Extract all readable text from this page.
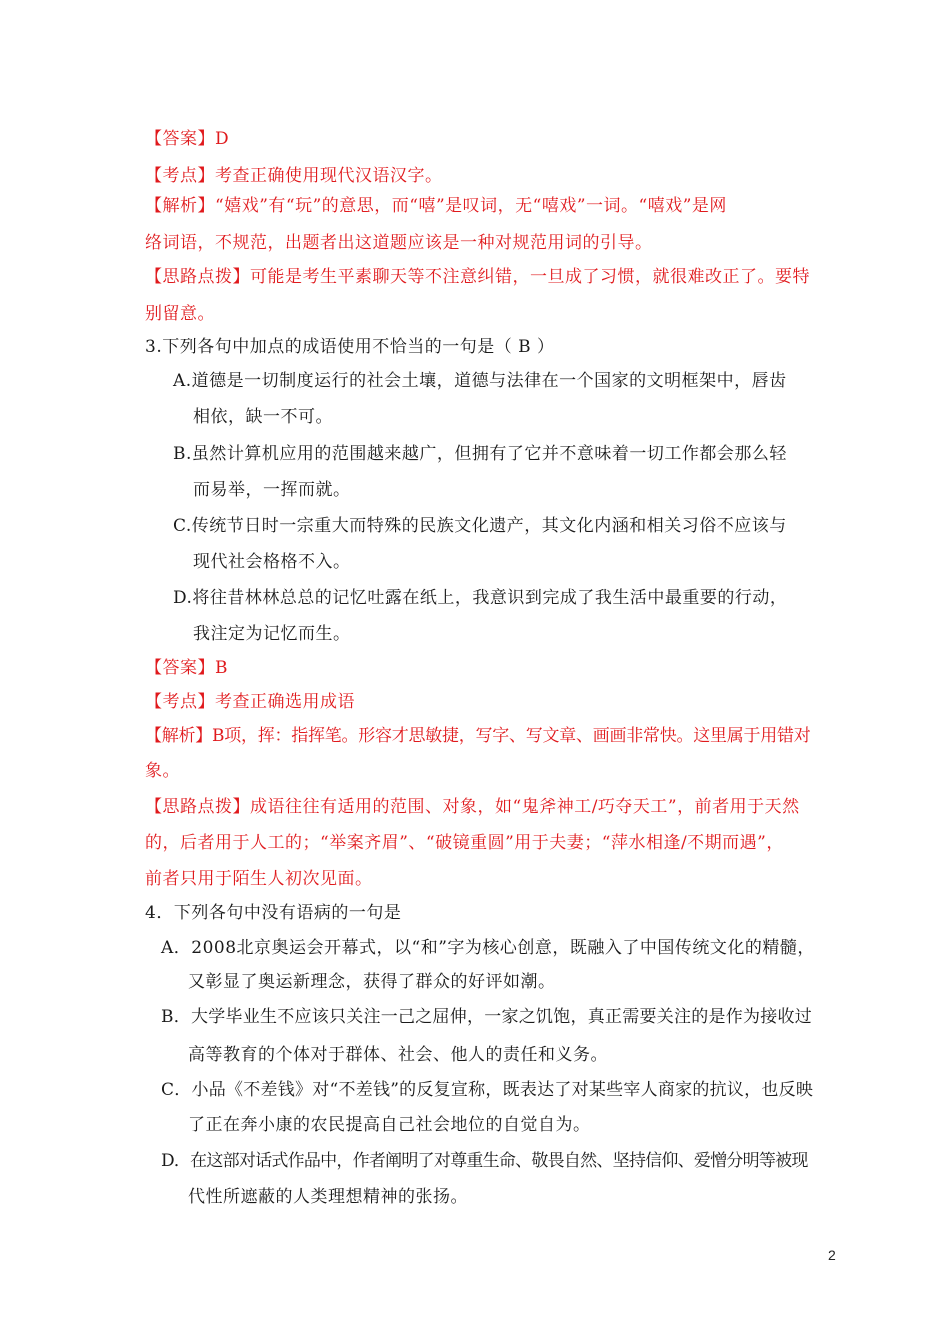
【答案】D
【考点】考查正确使用现代汉语汉字。
【解析】“嬉戏”有“玩”的意思，而“嘻”是叹词，无“嘻戏”一词。“嘻戏”是网
络词语，不规范，出题者出这道题应该是一种对规范用词的引导。
【思路点拨】可能是考生平素聊天等不注意纠错，一旦成了习惯，就很难改正了。要特
别留意。
3.下列各句中加点的成语使用不恰当的一句是（ B ）
A.道德是一切制度运行的社会土壤，道德与法律在一个国家的文明框架中，唇齿
相依，缺一不可。
B.虽然计算机应用的范围越来越广，但拥有了它并不意味着一切工作都会那么轻
而易举，一挥而就。
C.传统节日时一宗重大而特殊的民族文化遗产，其文化内涵和相关习俗不应该与
现代社会格格不入。
D.将往昔林林总总的记忆吐露在纸上，我意识到完成了我生活中最重要的行动，
我注定为记忆而生。
【答案】B
【考点】考查正确选用成语
【解析】B项，挥：指挥笔。形容才思敏捷，写字、写文章、画画非常快。这里属于用错对
象。
【思路点拨】成语往往有适用的范围、对象，如“鬼斧神工/巧夺天工”，前者用于天然
的，后者用于人工的；“举案齐眉”、“破镜重圆”用于夫妻；“萍水相逢/不期而遇”，
前者只用于陌生人初次见面。
4．下列各句中没有语病的一句是
A．2008北京奥运会开幕式，以“和”字为核心创意，既融入了中国传统文化的精髓，
又彰显了奥运新理念，获得了群众的好评如潮。
B．大学毕业生不应该只关注一己之屈伸，一家之饥饱，真正需要关注的是作为接收过
高等教育的个体对于群体、社会、他人的责任和义务。
C．小品《不差钱》对“不差钱”的反复宣称，既表达了对某些宰人商家的抗议，也反映
了正在奔小康的农民提高自己社会地位的自觉自为。
D．在这部对话式作品中，作者阐明了对尊重生命、敬畏自然、坚持信仰、爱憎分明等被现
代性所遮蔽的人类理想精神的张扬。
2
